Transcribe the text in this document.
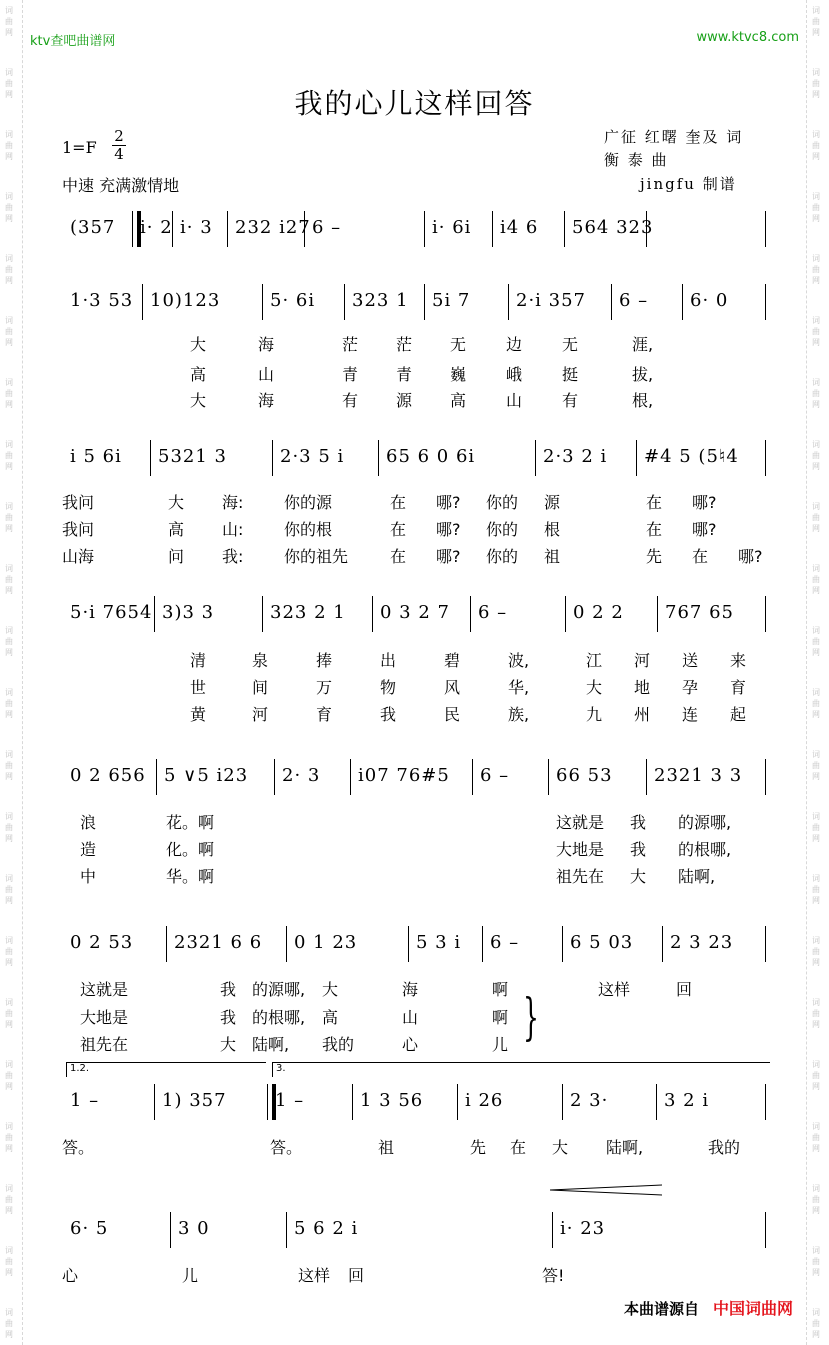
词
曲
网
词
曲
网
词
曲
网
词
曲
网
词
曲
网
词
曲
网
词
曲
网
词
曲
网
词
曲
网
词
曲
网
词
曲
网
词
曲
网
词
曲
网
词
曲
网
词
曲
网
词
曲
网
词
曲
网
词
曲
网
词
曲
网
词
曲
网
词
曲
网
词
曲
网
词
曲
网
词
曲
网
词
曲
网
词
曲
网
词
曲
网
词
曲
网
词
曲
网
词
曲
网
词
曲
网
词
曲
网
词
曲
网
词
曲
网
词
曲
网
词
曲
网
词
曲
网
词
曲
网
词
曲
网
词
曲
网
词
曲
网
词
曲
网
词
曲
网
词
曲
网
ktv查吧曲谱网	www.ktvc8.com
我的心儿这样回答
1=F
2
4
中速 充满激情地
广征 红曙 奎及 词
衡 泰 曲
jingfu 制谱
(357 i· 2 i· 3 232 i27 6 –	i· 6i i4 6 564 323
1·3 53 10)123	5· 6i 323 1 5i 7	2·i 357 6 – 6· 0
i 5 6i 5321 3	2·3 5 i 65 6 0 6i	2·3 2 i #4 5 (5♮4
5·i 7654 3)3 3	323 2 1 0 3 2 7 6 –	0 2 2 767 65
0 2 656 5 ∨5 i23 2· 3 i07 76#5 6 –	66 53 2321 3 3
0 2 53 2321 6 6 0 1 23	5 3 i 6 –	6 5 03 2 3 23
1 –	1) 357	1 –	1 3 56 i 26	2 3·	3 2 i
6· 5	3 0	5 6 2 i	i· 23
1.2.	3.
}
大	海	茫 茫 无 边 无	涯,
高	山	青 青 巍 峨 挺	拔,
大	海	有 源 高 山 有	根,
我问	大 海:	你的源	在 哪? 你的 源	在 哪?
我问	高 山:	你的根	在 哪? 你的 根	在 哪?
山海	问 我:	你的祖先	在 哪? 你的 祖	先 在 哪?
清	泉	捧	出	碧	波,	江 河 送 来
世	间	万	物	风	华,	大 地 孕 育
黄	河	育	我	民	族,	九 州 连 起
浪	花。啊	这就是 我 的源哪,
造	化。啊	大地是 我 的根哪,
中	华。啊	祖先在 大 陆啊,
这就是	我 的源哪, 大	海	啊	这样	回
大地是	我 的根哪, 高	山	啊
祖先在	大 陆啊, 我的	心	儿
答。	答。	祖	先 在 大 陆啊,	我的
心	儿	这样 回	答!
本曲谱源自 中国词曲网
